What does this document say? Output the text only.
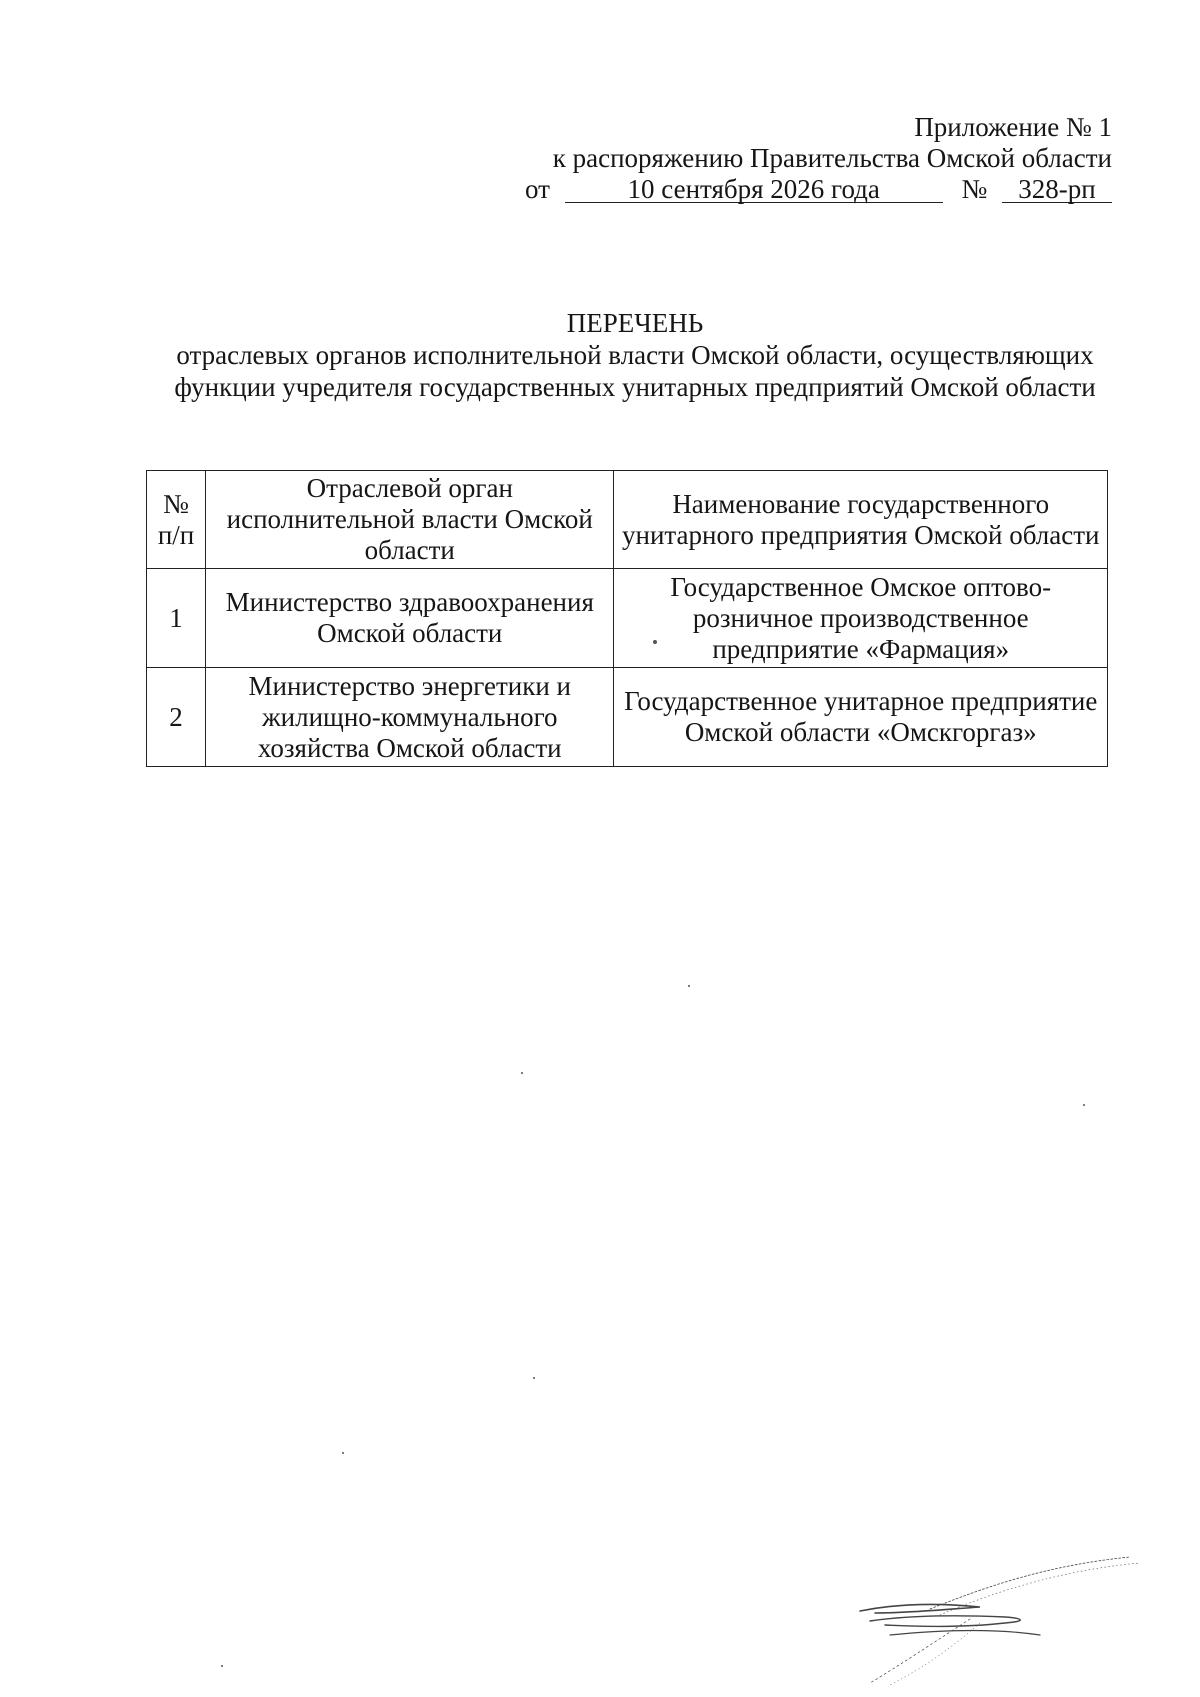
Приложение № 1
к распоряжению Правительства Омской области
от	10 сентября 2026 года	№ 328-рп
ПЕРЕЧЕНЬ
отраслевых органов исполнительной власти Омской области, осуществляющих
функции учредителя государственных унитарных предприятий Омской области
№ п/п	Отраслевой орган исполнительной власти Омской области	Наименование государственного унитарного предприятия Омской области
1	Министерство здравоохранения Омской области	Государственное Омское оптово-розничное производственное предприятие «Фармация»
2	Министерство энергетики и жилищно-коммунального хозяйства Омской области	Государственное унитарное предприятие Омской области «Омскгоргаз»
